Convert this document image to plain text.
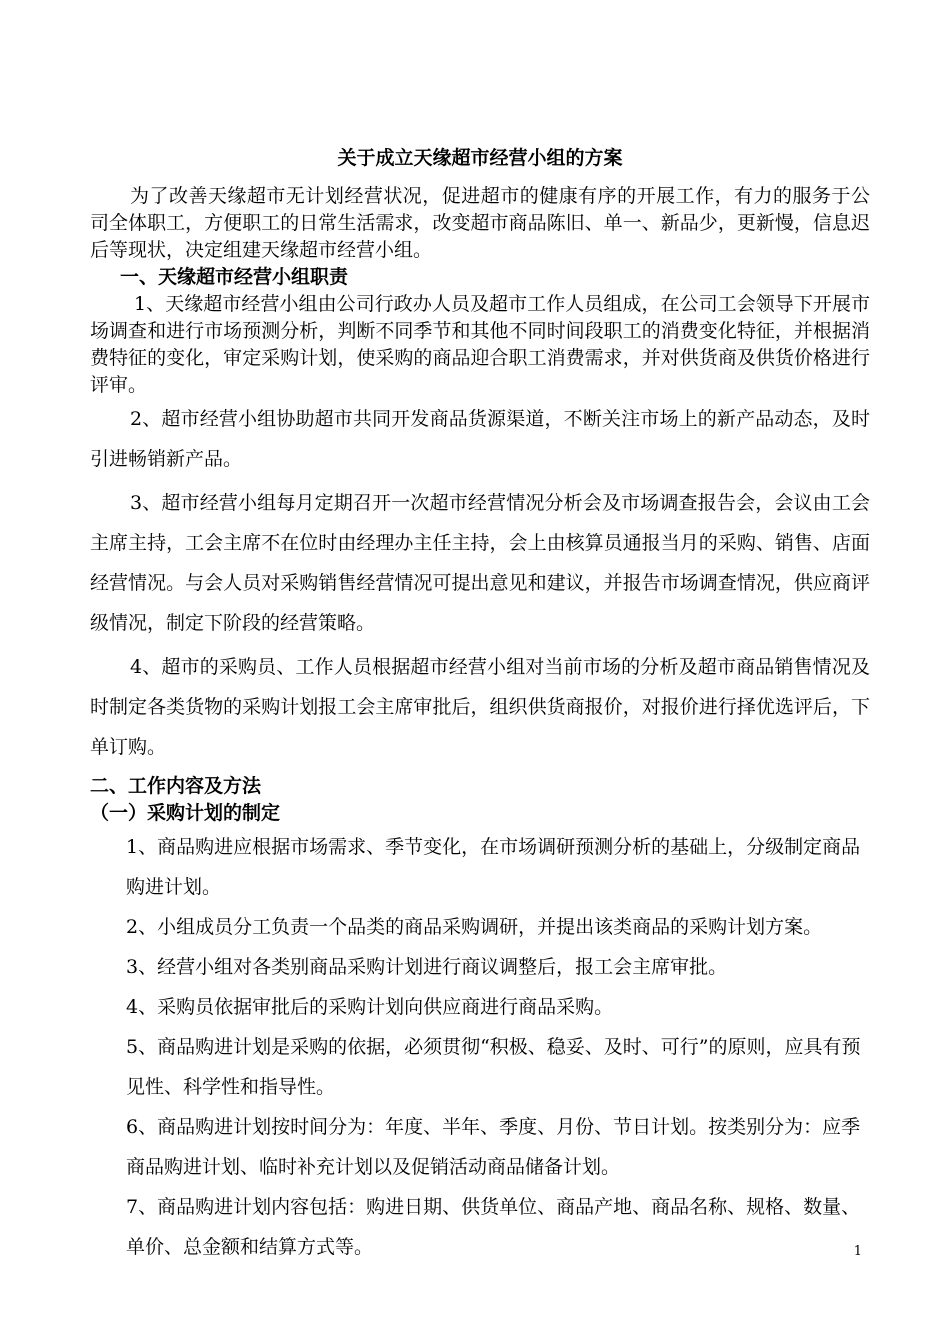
关于成立天缘超市经营小组的方案

为了改善天缘超市无计划经营状况，促进超市的健康有序的开展工作，有力的服务于公司全体职工，方便职工的日常生活需求，改变超市商品陈旧、单一、新品少，更新慢，信息迟后等现状，决定组建天缘超市经营小组。

一、天缘超市经营小组职责

1、天缘超市经营小组由公司行政办人员及超市工作人员组成，在公司工会领导下开展市场调查和进行市场预测分析，判断不同季节和其他不同时间段职工的消费变化特征，并根据消费特征的变化，审定采购计划，使采购的商品迎合职工消费需求，并对供货商及供货价格进行评审。

2、超市经营小组协助超市共同开发商品货源渠道，不断关注市场上的新产品动态，及时引进畅销新产品。

3、超市经营小组每月定期召开一次超市经营情况分析会及市场调查报告会，会议由工会主席主持，工会主席不在位时由经理办主任主持，会上由核算员通报当月的采购、销售、店面经营情况。与会人员对采购销售经营情况可提出意见和建议，并报告市场调查情况，供应商评级情况，制定下阶段的经营策略。

4、超市的采购员、工作人员根据超市经营小组对当前市场的分析及超市商品销售情况及时制定各类货物的采购计划报工会主席审批后，组织供货商报价，对报价进行择优选评后，下单订购。

二、工作内容及方法
（一）采购计划的制定
1、商品购进应根据市场需求、季节变化，在市场调研预测分析的基础上，分级制定商品购进计划。
2、小组成员分工负责一个品类的商品采购调研，并提出该类商品的采购计划方案。
3、经营小组对各类别商品采购计划进行商议调整后，报工会主席审批。
4、采购员依据审批后的采购计划向供应商进行商品采购。
5、商品购进计划是采购的依据，必须贯彻“积极、稳妥、及时、可行”的原则，应具有预见性、科学性和指导性。
6、商品购进计划按时间分为：年度、半年、季度、月份、节日计划。按类别分为：应季商品购进计划、临时补充计划以及促销活动商品储备计划。
7、商品购进计划内容包括：购进日期、供货单位、商品产地、商品名称、规格、数量、单价、总金额和结算方式等。	1
